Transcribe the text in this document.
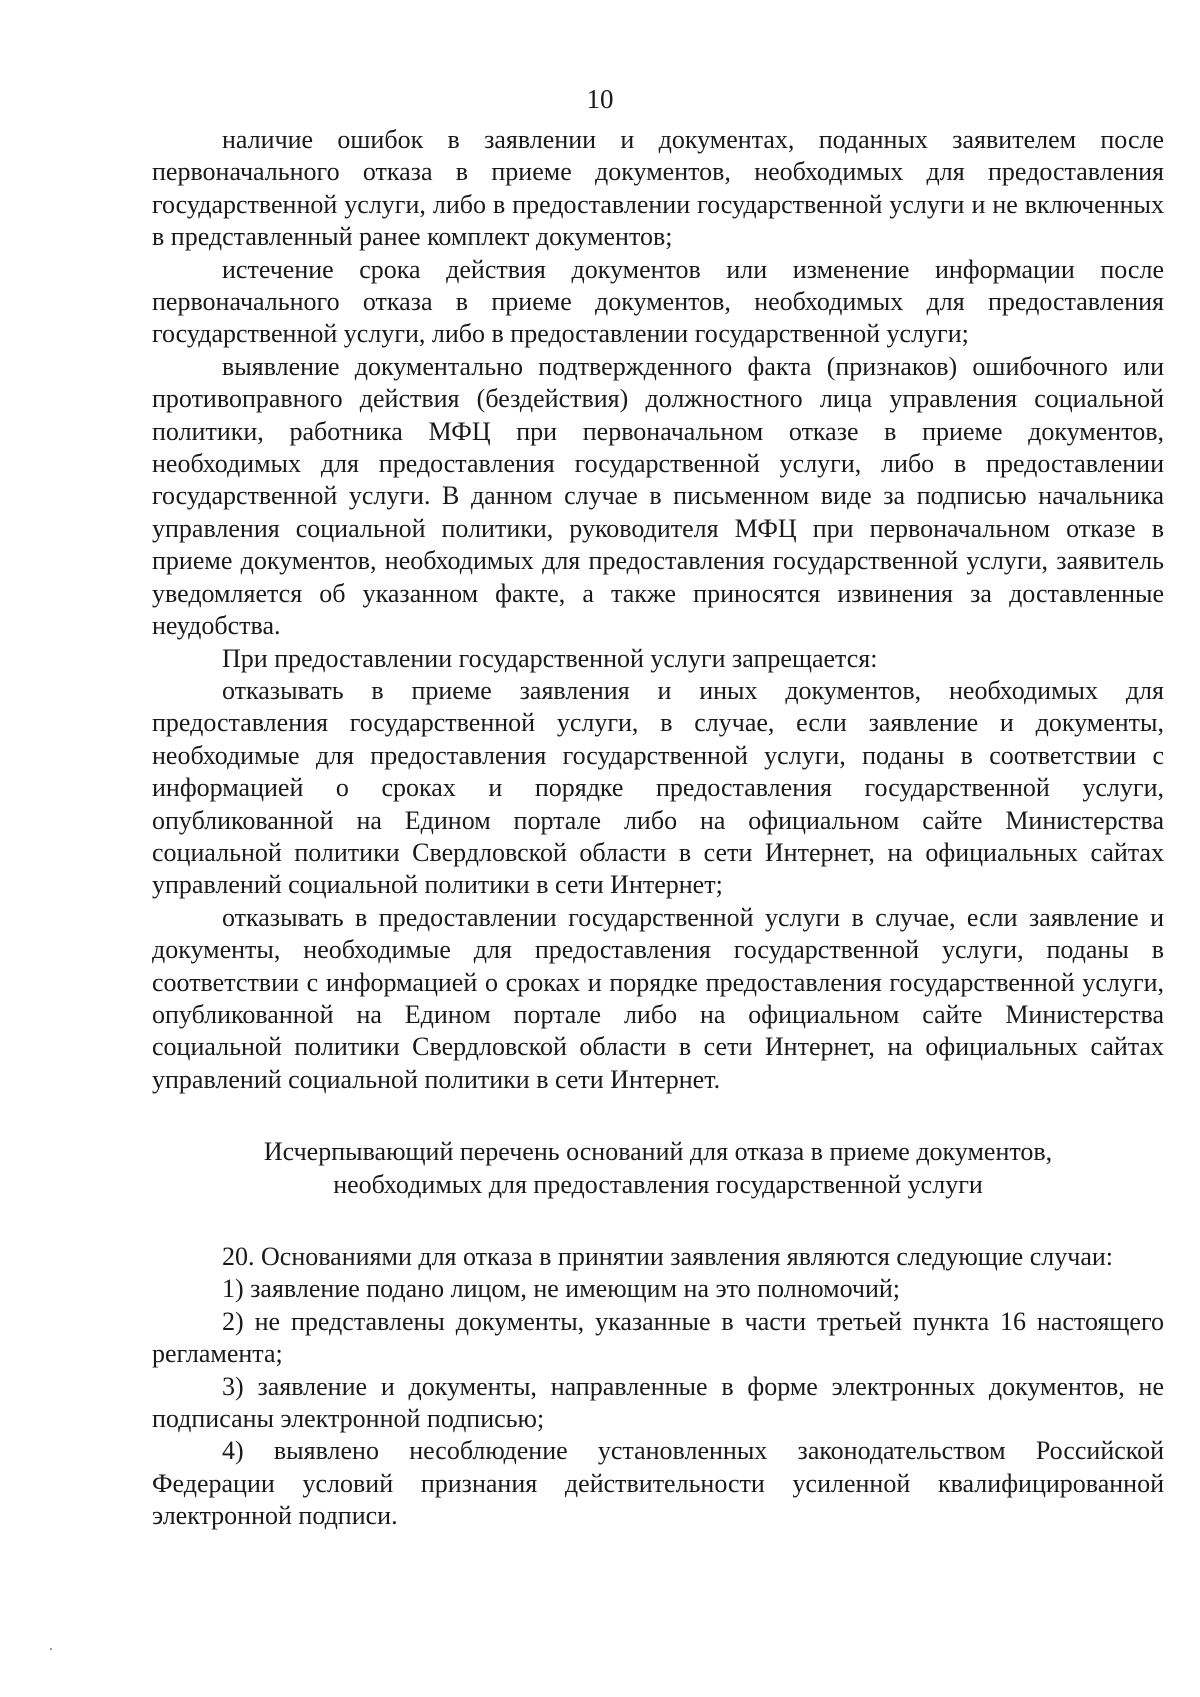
10

наличие ошибок в заявлении и документах, поданных заявителем после первоначального отказа в приеме документов, необходимых для предоставления государственной услуги, либо в предоставлении государственной услуги и не включенных в представленный ранее комплект документов;

истечение срока действия документов или изменение информации после первоначального отказа в приеме документов, необходимых для предоставления государственной услуги, либо в предоставлении государственной услуги;

выявление документально подтвержденного факта (признаков) ошибочного или противоправного действия (бездействия) должностного лица управления социальной политики, работника МФЦ при первоначальном отказе в приеме документов, необходимых для предоставления государственной услуги, либо в предоставлении государственной услуги. В данном случае в письменном виде за подписью начальника управления социальной политики, руководителя МФЦ при первоначальном отказе в приеме документов, необходимых для предоставления государственной услуги, заявитель уведомляется об указанном факте, а также приносятся извинения за доставленные неудобства.

При предоставлении государственной услуги запрещается:

отказывать в приеме заявления и иных документов, необходимых для предоставления государственной услуги, в случае, если заявление и документы, необходимые для предоставления государственной услуги, поданы в соответствии с информацией о сроках и порядке предоставления государственной услуги, опубликованной на Едином портале либо на официальном сайте Министерства социальной политики Свердловской области в сети Интернет, на официальных сайтах управлений социальной политики в сети Интернет;

отказывать в предоставлении государственной услуги в случае, если заявление и документы, необходимые для предоставления государственной услуги, поданы в соответствии с информацией о сроках и порядке предоставления государственной услуги, опубликованной на Едином портале либо на официальном сайте Министерства социальной политики Свердловской области в сети Интернет, на официальных сайтах управлений социальной политики в сети Интернет.

Исчерпывающий перечень оснований для отказа в приеме документов,
необходимых для предоставления государственной услуги

20. Основаниями для отказа в принятии заявления являются следующие случаи:

1) заявление подано лицом, не имеющим на это полномочий;

2) не представлены документы, указанные в части третьей пункта 16 настоящего регламента;

3) заявление и документы, направленные в форме электронных документов, не подписаны электронной подписью;

4) выявлено несоблюдение установленных законодательством Российской Федерации условий признания действительности усиленной квалифицированной электронной подписи.
